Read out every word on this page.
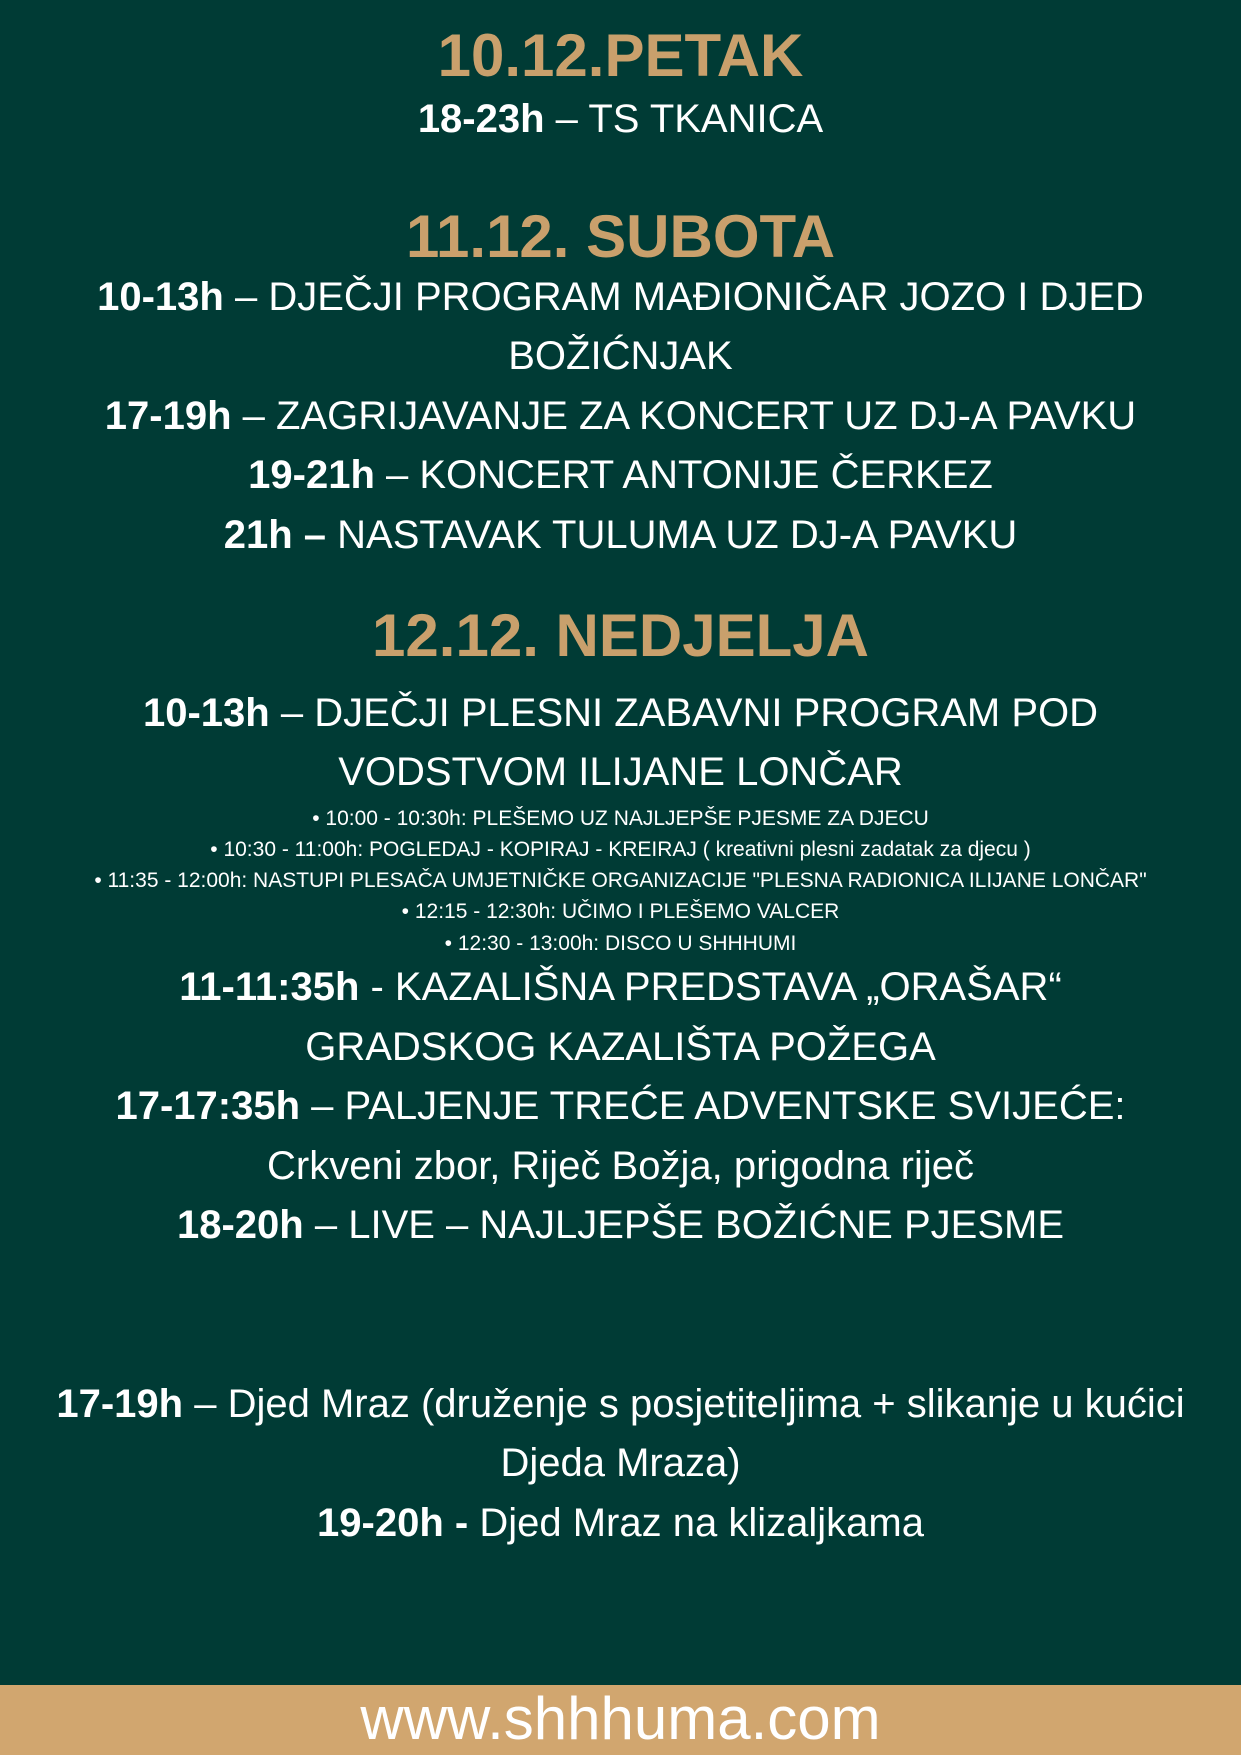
10.12.PETAK
18-23h – TS TKANICA
11.12. SUBOTA
10-13h – DJEČJI PROGRAM MAĐIONIČAR JOZO I DJED
BOŽIĆNJAK
17-19h – ZAGRIJAVANJE ZA KONCERT UZ DJ-A PAVKU
19-21h – KONCERT ANTONIJE ČERKEZ
21h – NASTAVAK TULUMA UZ DJ-A PAVKU
12.12. NEDJELJA
10-13h – DJEČJI PLESNI ZABAVNI PROGRAM POD
VODSTVOM ILIJANE LONČAR
• 10:00 - 10:30h: PLEŠEMO UZ NAJLJEPŠE PJESME ZA DJECU
• 10:30 - 11:00h: POGLEDAJ - KOPIRAJ - KREIRAJ ( kreativni plesni zadatak za djecu )
• 11:35 - 12:00h: NASTUPI PLESAČA UMJETNIČKE ORGANIZACIJE "PLESNA RADIONICA ILIJANE LONČAR"
• 12:15 - 12:30h: UČIMO I PLEŠEMO VALCER
• 12:30 - 13:00h: DISCO U SHHHUMI
11-11:35h - KAZALIŠNA PREDSTAVA „ORAŠAR“
GRADSKOG KAZALIŠTA POŽEGA
17-17:35h – PALJENJE TREĆE ADVENTSKE SVIJEĆE:
Crkveni zbor, Riječ Božja, prigodna riječ
18-20h – LIVE – NAJLJEPŠE BOŽIĆNE PJESME
17-19h – Djed Mraz (druženje s posjetiteljima + slikanje u kućici
Djeda Mraza)
19-20h - Djed Mraz na klizaljkama
www.shhhuma.com
